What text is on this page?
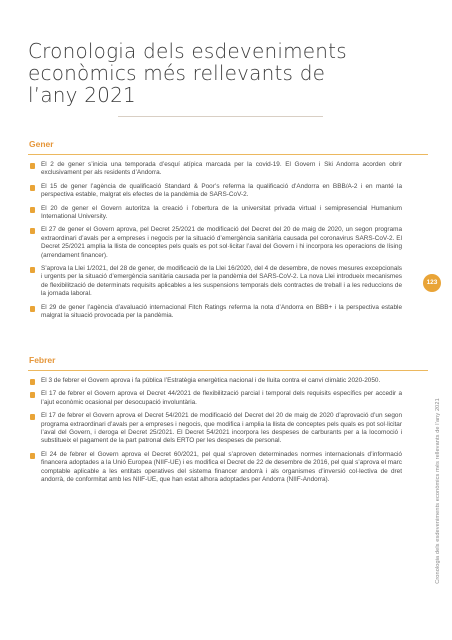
Cronologia dels esdeveniments
econòmics més rellevants de
l’any 2021
Gener
El 2 de gener s’inicia una temporada d’esquí atípica marcada per la covid-19. El Govern i Ski Andorra acorden obrir exclusivament per als residents d’Andorra.
El 15 de gener l’agència de qualificació Standard & Poor’s referma la qualificació d’Andorra en BBB/A-2 i en manté la perspectiva estable, malgrat els efectes de la pandèmia de SARS-CoV-2.
El 20 de gener el Govern autoritza la creació i l’obertura de la universitat privada virtual i semipresencial Humanium International University.
El 27 de gener el Govern aprova, pel Decret 25/2021 de modificació del Decret del 20 de maig de 2020, un segon programa extraordinari d’avals per a empreses i negocis per la situació d’emergència sanitària causada pel coronavirus SARS-CoV-2. El Decret 25/2021 amplia la llista de conceptes pels quals es pot sol·licitar l’aval del Govern i hi incorpora les operacions de lísing (arrendament financer).
S’aprova la Llei 1/2021, del 28 de gener, de modificació de la Llei 16/2020, del 4 de desembre, de noves mesures excepcionals i urgents per la situació d’emergència sanitària causada per la pandèmia del SARS-CoV-2. La nova Llei introdueix mecanismes de flexibilització de determinats requisits aplicables a les suspensions temporals dels contractes de treball i a les reduccions de la jornada laboral.
El 29 de gener l’agència d’avaluació internacional Fitch Ratings referma la nota d’Andorra en BBB+ i la perspectiva estable malgrat la situació provocada per la pandèmia.
Febrer
El 3 de febrer el Govern aprova i fa pública l’Estratègia energètica nacional i de lluita contra el canvi climàtic 2020-2050.
El 17 de febrer el Govern aprova el Decret 44/2021 de flexibilització parcial i temporal dels requisits específics per accedir a l’ajut econòmic ocasional per desocupació involuntària.
El 17 de febrer el Govern aprova el Decret 54/2021 de modificació del Decret del 20 de maig de 2020 d’aprovació d’un segon programa extraordinari d’avals per a empreses i negocis, que modifica i amplia la llista de conceptes pels quals es pot sol·licitar l’aval del Govern, i deroga el Decret 25/2021. El Decret 54/2021 incorpora les despeses de carburants per a la locomoció i substitueix el pagament de la part patronal dels ERTO per les despeses de personal.
El 24 de febrer el Govern aprova el Decret 60/2021, pel qual s’aproven determinades normes internacionals d’informació financera adoptades a la Unió Europea (NIIF-UE) i es modifica el Decret de 22 de desembre de 2016, pel qual s’aprova el marc comptable aplicable a les entitats operatives del sistema financer andorrà i als organismes d’inversió col·lectiva de dret andorrà, de conformitat amb les NIIF-UE, que han estat alhora adoptades per Andorra (NIIF-Andorra).
123
Cronologia dels esdeveniments econòmics més rellevants de l’any 2021
